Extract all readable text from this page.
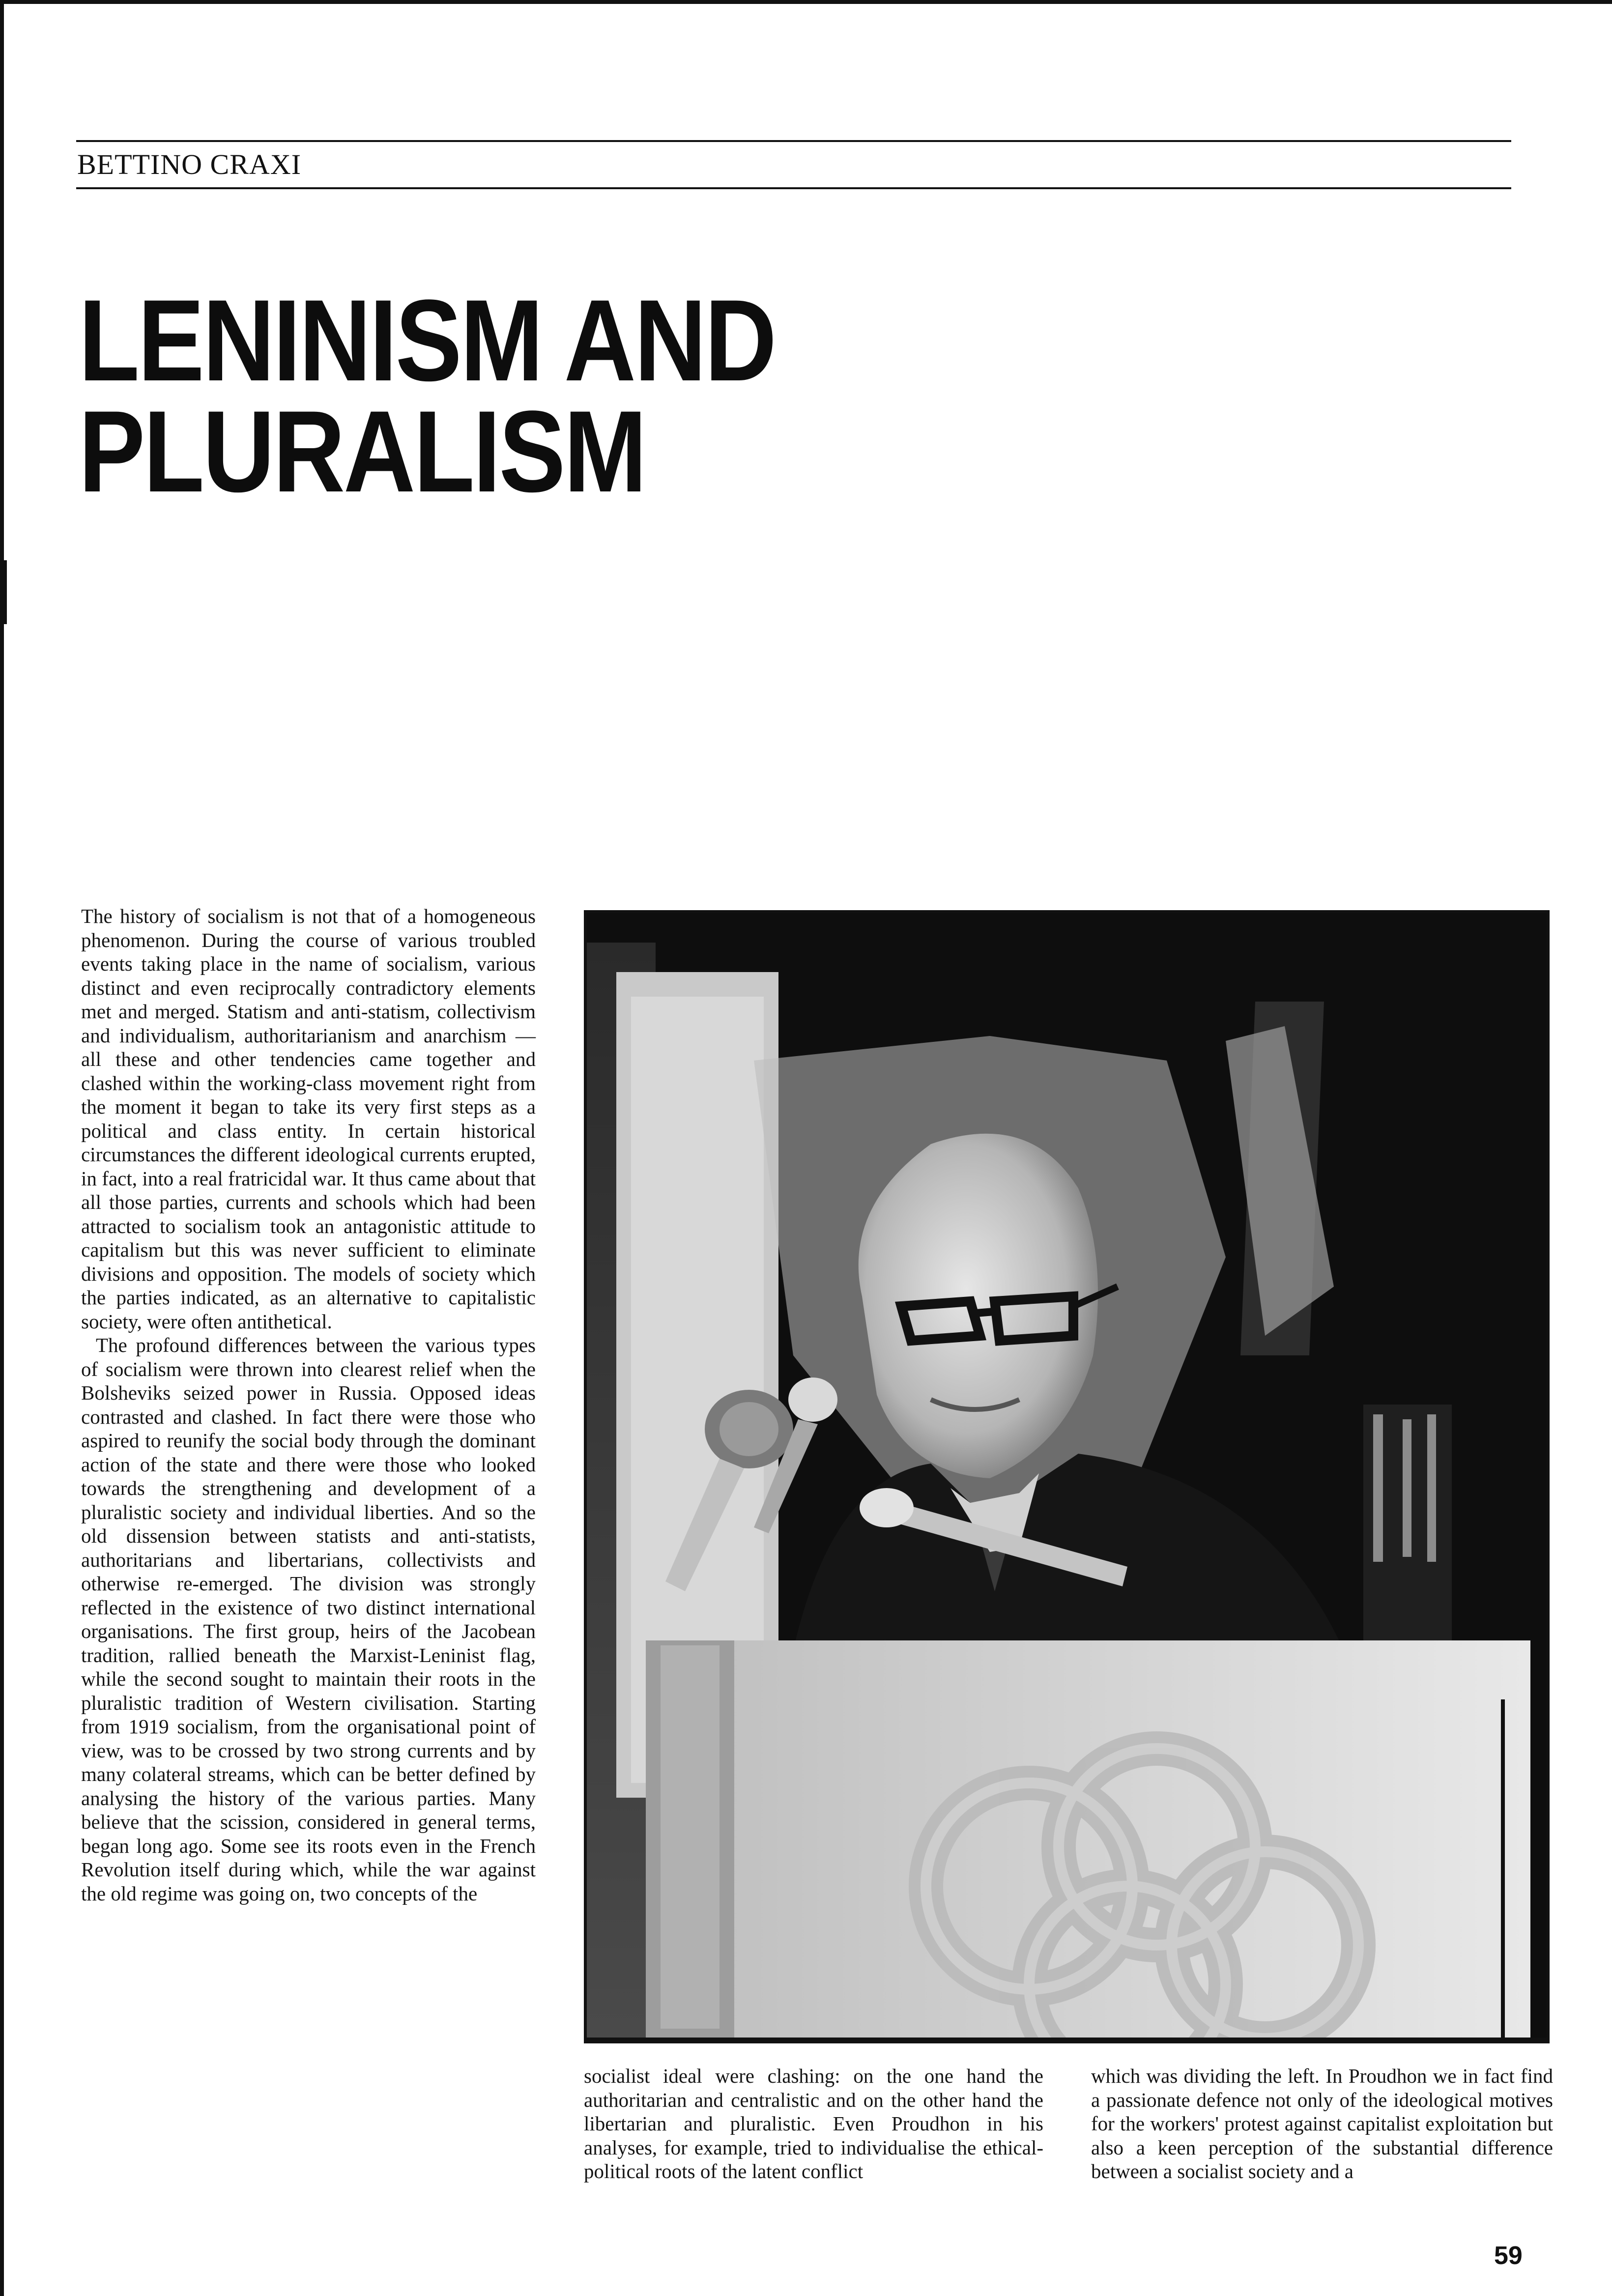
BETTINO CRAXI
LENINISM AND
PLURALISM

The history of socialism is not that of a homogeneous phenomenon. During the course of various troubled events taking place in the name of socialism, various distinct and even reciprocally contradictory elements met and merged. Statism and anti-statism, collectivism and individualism, authoritarianism and anarchism — all these and other tendencies came together and clashed within the working-class movement right from the moment it began to take its very first steps as a political and class entity. In certain historical circumstances the different ideological currents erupted, in fact, into a real fratricidal war. It thus came about that all those parties, currents and schools which had been attracted to socialism took an antagonistic attitude to capitalism but this was never sufficient to eliminate divisions and opposition. The models of society which the parties indicated, as an alternative to capitalistic society, were often antithetical.

The profound differences between the various types of socialism were thrown into clearest relief when the Bolsheviks seized power in Russia. Opposed ideas contrasted and clashed. In fact there were those who aspired to reunify the social body through the dominant action of the state and there were those who looked towards the strengthening and development of a pluralistic society and individual liberties. And so the old dissension between statists and anti-statists, authoritarians and libertarians, collectivists and otherwise re-emerged. The division was strongly reflected in the existence of two distinct international organisations. The first group, heirs of the Jacobean tradition, rallied beneath the Marxist-Leninist flag, while the second sought to maintain their roots in the pluralistic tradition of Western civilisation. Starting from 1919 socialism, from the organisational point of view, was to be crossed by two strong currents and by many colateral streams, which can be better defined by analysing the history of the various parties. Many believe that the scission, considered in general terms, began long ago. Some see its roots even in the French Revolution itself during which, while the war against the old regime was going on, two concepts of the

socialist ideal were clashing: on the one hand the authoritarian and centralistic and on the other hand the libertarian and pluralistic. Even Proudhon in his analyses, for example, tried to individualise the ethical-political roots of the latent conflict

which was dividing the left. In Proudhon we in fact find a passionate defence not only of the ideological motives for the workers' protest against capitalist exploitation but also a keen perception of the substantial difference between a socialist society and a

59
